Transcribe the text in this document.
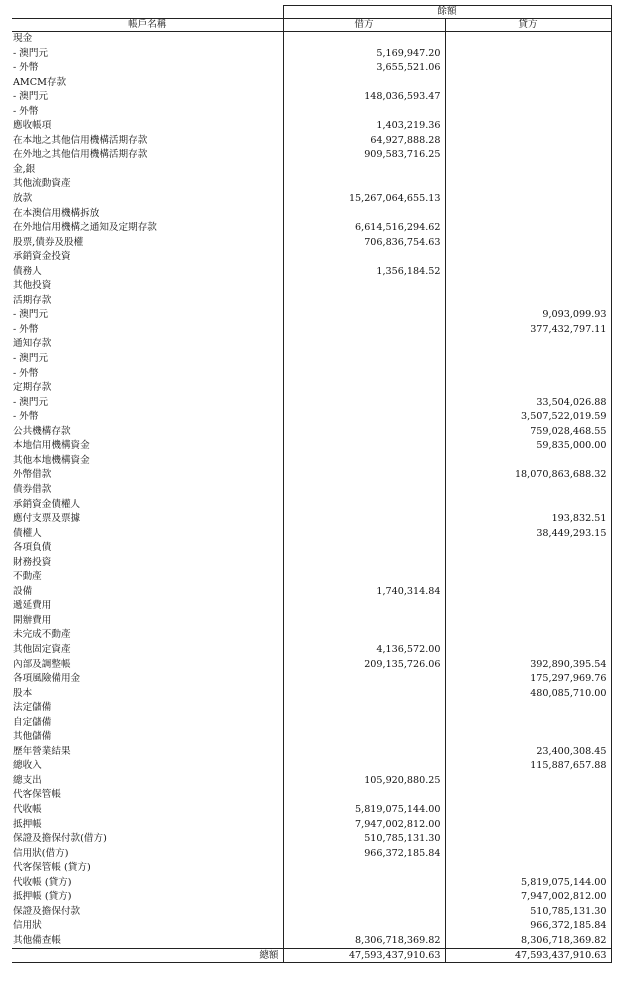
	餘額	
帳戶名稱	借方	貸方
現金		
- 澳門元	5,169,947.20	
- 外幣	3,655,521.06	
AMCM存款		
- 澳門元	148,036,593.47	
- 外幣		
應收帳項	1,403,219.36	
在本地之其他信用機構活期存款	64,927,888.28	
在外地之其他信用機構活期存款	909,583,716.25	
金,銀		
其他流動資產		
放款	15,267,064,655.13	
在本澳信用機構拆放		
在外地信用機構之通知及定期存款	6,614,516,294.62	
股票,債券及股權	706,836,754.63	
承銷資金投資		
債務人	1,356,184.52	
其他投資		
活期存款		
- 澳門元		9,093,099.93
- 外幣		377,432,797.11
通知存款		
- 澳門元		
- 外幣		
定期存款		
- 澳門元		33,504,026.88
- 外幣		3,507,522,019.59
公共機構存款		759,028,468.55
本地信用機構資金		59,835,000.00
其他本地機構資金		
外幣借款		18,070,863,688.32
債券借款		
承銷資金債權人		
應付支票及票據		193,832.51
債權人		38,449,293.15
各項負債		
財務投資		
不動產		
設備	1,740,314.84	
遞延費用		
開辦費用		
未完成不動產		
其他固定資產	4,136,572.00	
內部及調整帳	209,135,726.06	392,890,395.54
各項風險備用金		175,297,969.76
股本		480,085,710.00
法定儲備		
自定儲備		
其他儲備		
歷年營業結果		23,400,308.45
總收入		115,887,657.88
總支出	105,920,880.25	
代客保管帳		
代收帳	5,819,075,144.00	
抵押帳	7,947,002,812.00	
保證及擔保付款(借方)	510,785,131.30	
信用狀(借方)	966,372,185.84	
代客保管帳 (貸方)		
代收帳 (貸方)		5,819,075,144.00
抵押帳 (貸方)		7,947,002,812.00
保證及擔保付款		510,785,131.30
信用狀		966,372,185.84
其他備查帳	8,306,718,369.82	8,306,718,369.82
總額	47,593,437,910.63	47,593,437,910.63
